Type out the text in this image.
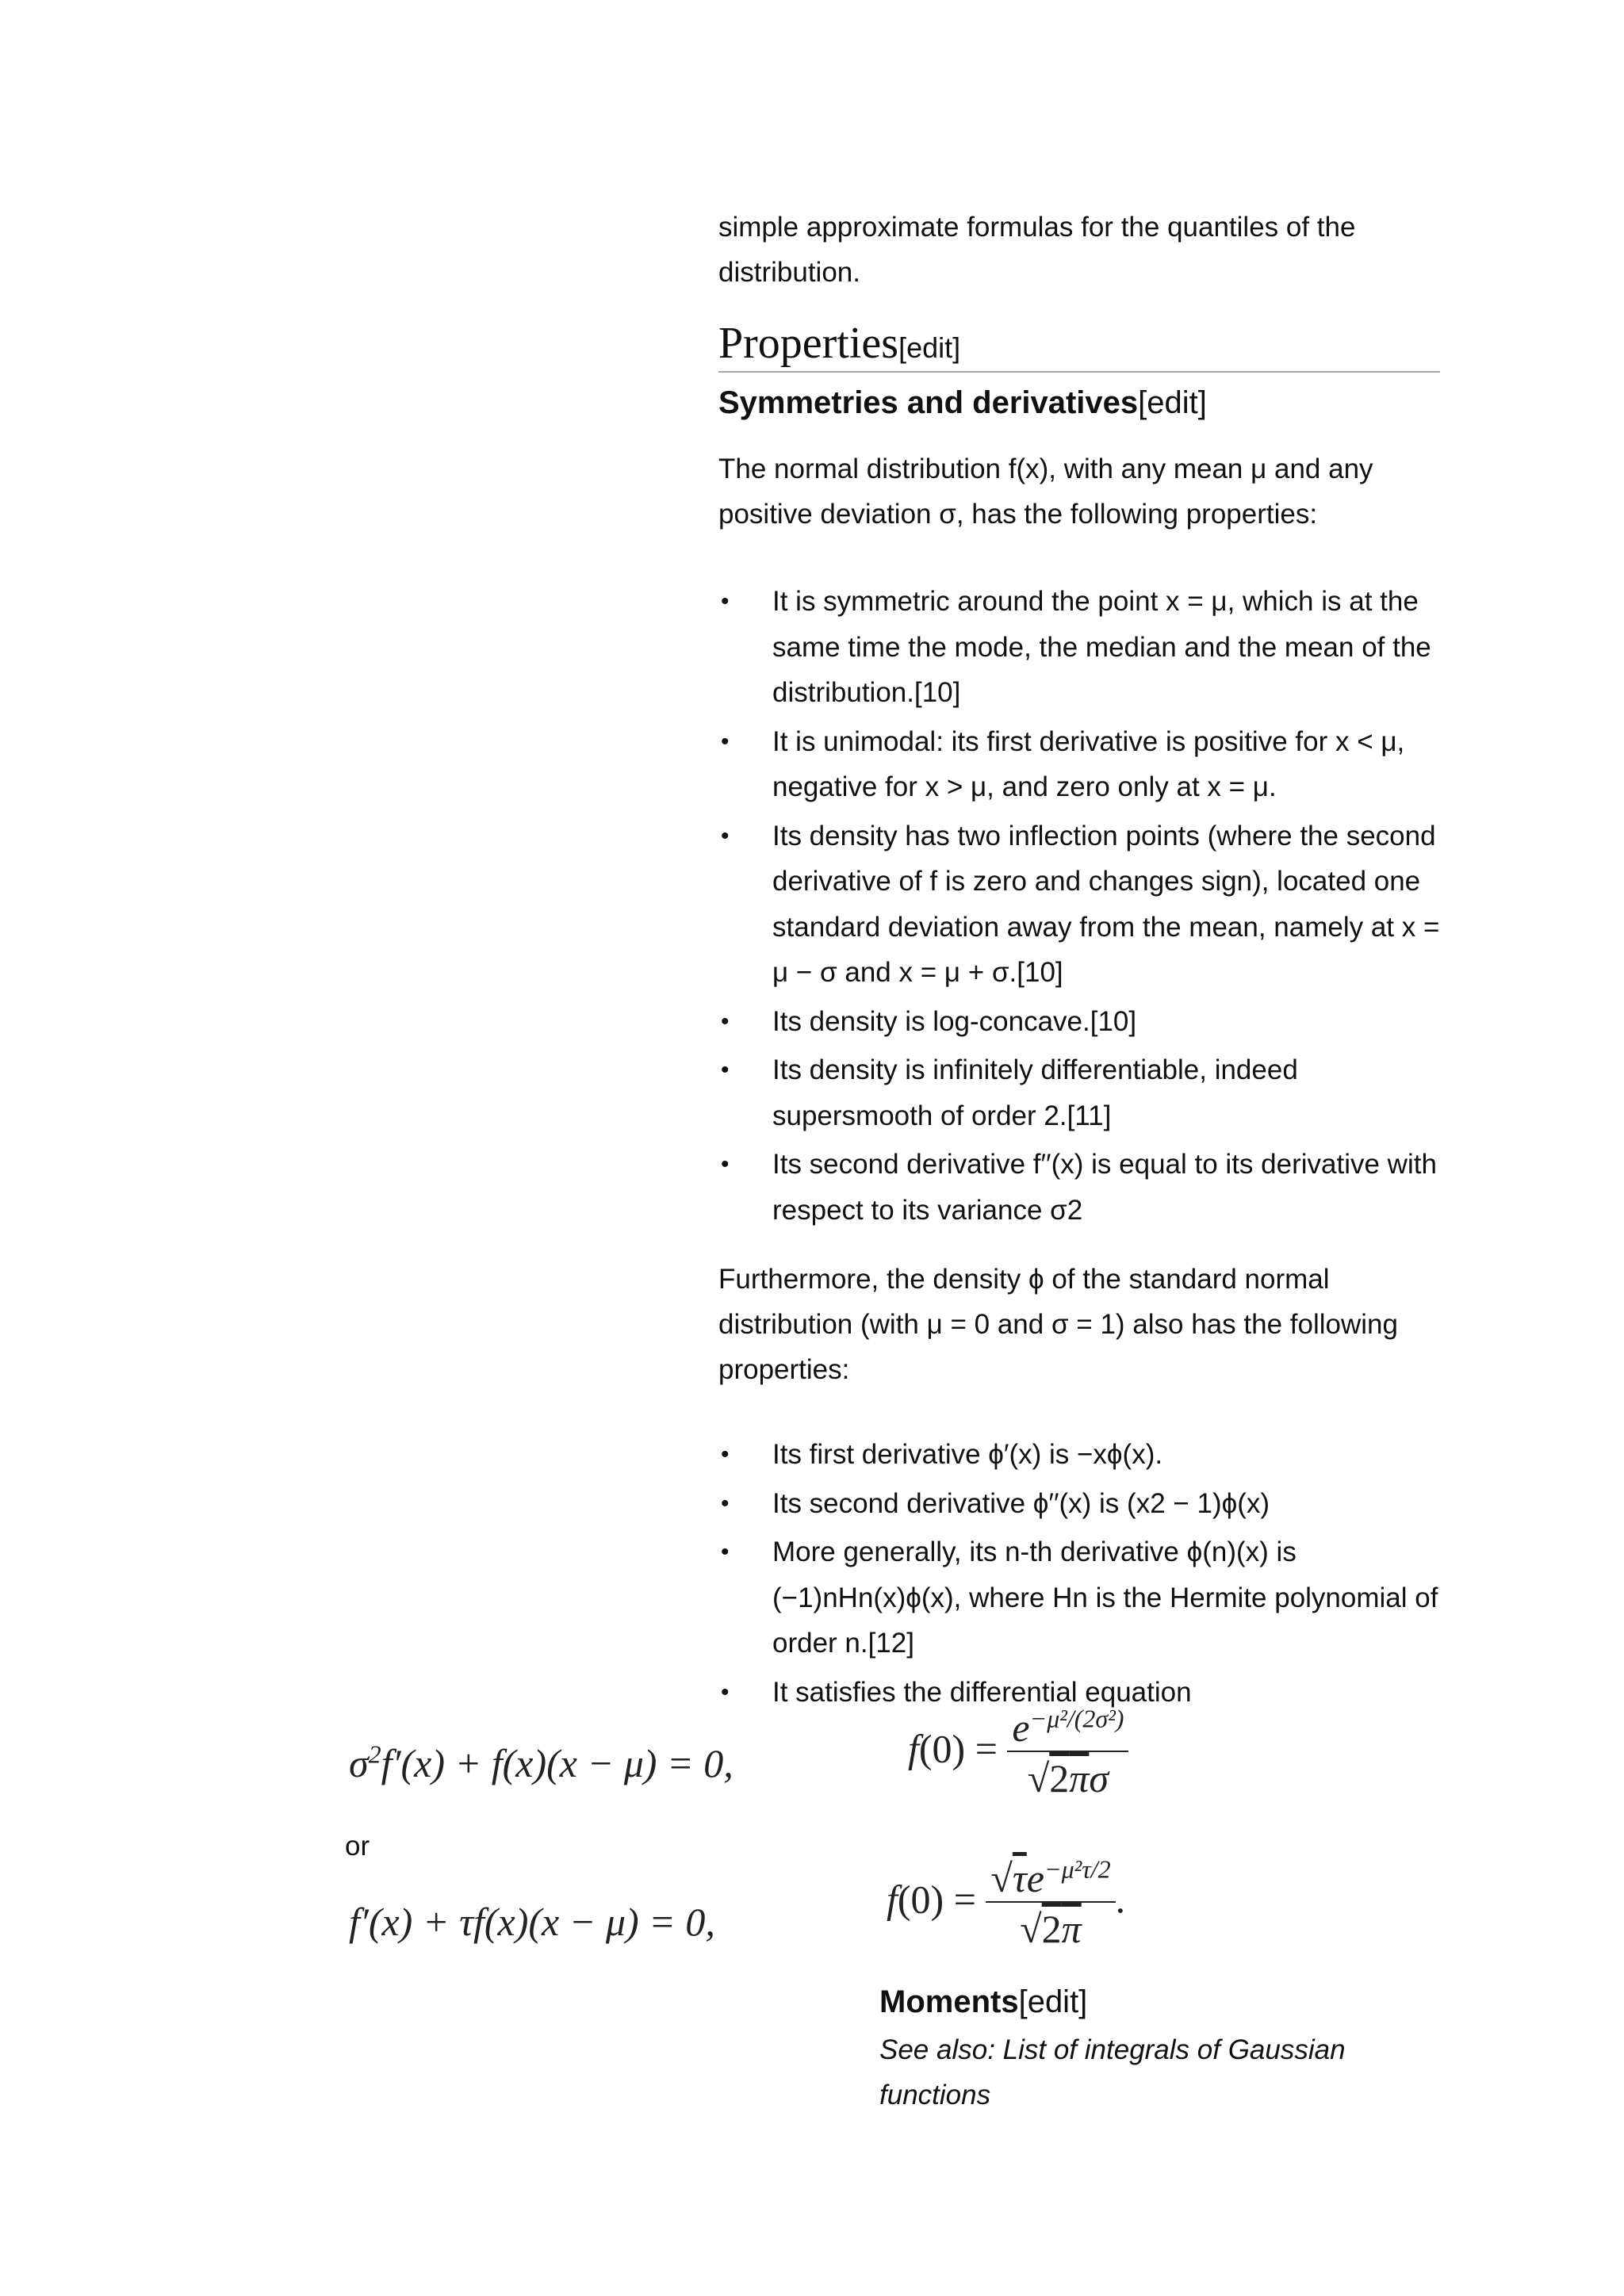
simple approximate formulas for the quantiles of the distribution.

Properties[edit]

Symmetries and derivatives[edit]

The normal distribution f(x), with any mean μ and any positive deviation σ, has the following properties:

• It is symmetric around the point x = μ, which is at the same time the mode, the median and the mean of the distribution.[10]
• It is unimodal: its first derivative is positive for x < μ, negative for x > μ, and zero only at x = μ.
• Its density has two inflection points (where the second derivative of f is zero and changes sign), located one standard deviation away from the mean, namely at x = μ − σ and x = μ + σ.[10]
• Its density is log-concave.[10]
• Its density is infinitely differentiable, indeed supersmooth of order 2.[11]
• Its second derivative f′′(x) is equal to its derivative with respect to its variance σ2

Furthermore, the density ϕ of the standard normal distribution (with μ = 0 and σ = 1) also has the following properties:

• Its first derivative ϕ′(x) is −xϕ(x).
• Its second derivative ϕ′′(x) is (x2 − 1)ϕ(x)
• More generally, its n-th derivative ϕ(n)(x) is (−1)nHn(x)ϕ(x), where Hn is the Hermite polynomial of order n.[12]
• It satisfies the differential equation
$\sigma^2f'(x) + f(x)(x - \mu) = 0$,	$f(0) = \frac{e^{-\mu^2/(2\sigma^2)}}{√2\pi\sigma}$
or
f′(x) + τf(x)(x − μ) = 0,
$f(0) = \frac{√\tau e^{-\mu^2\tau/2}}{√2\pi}$ .

Moments[edit]

See also: List of integrals of Gaussian functions
